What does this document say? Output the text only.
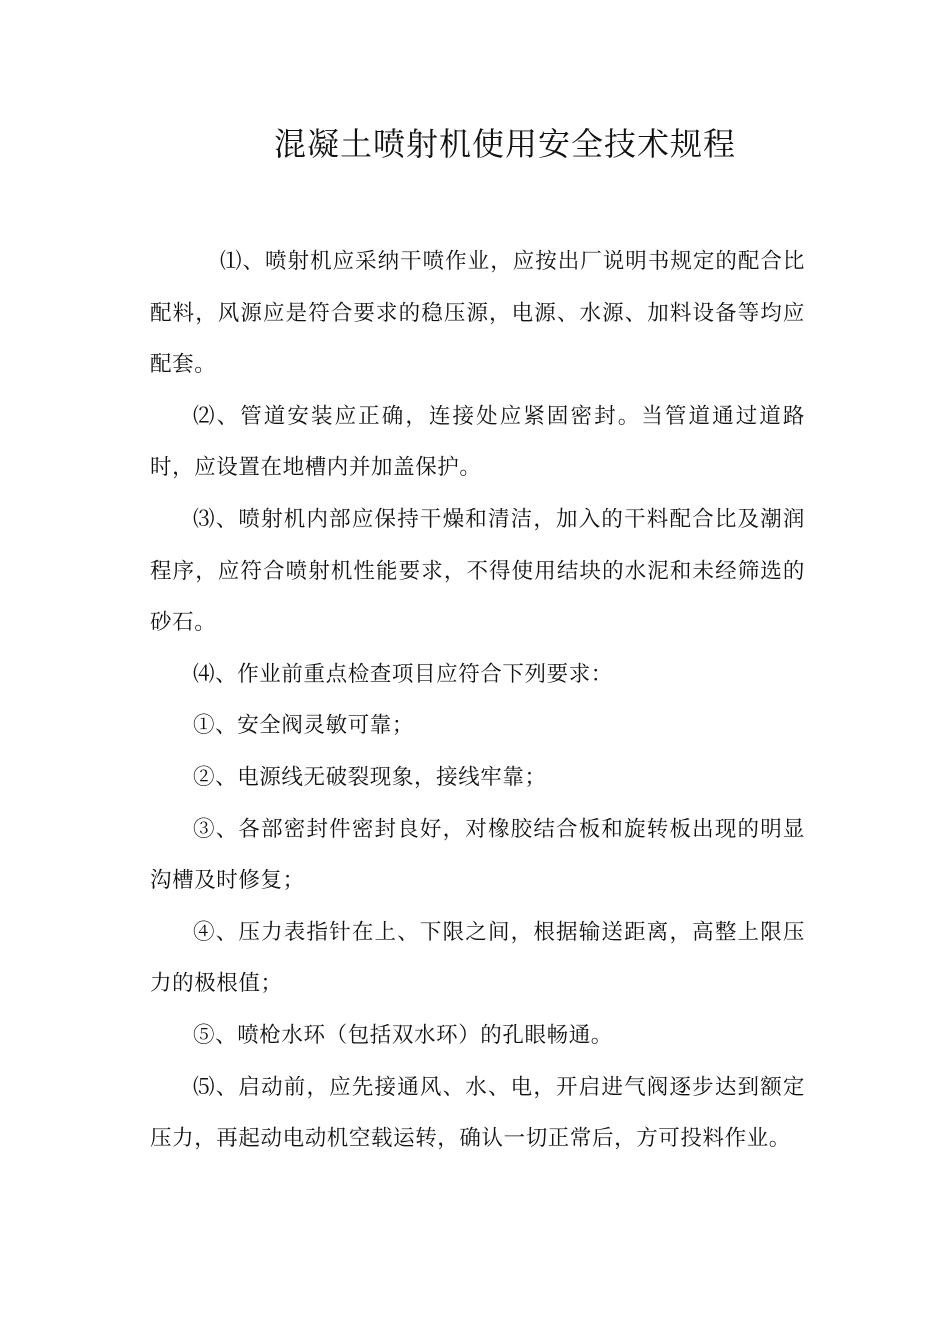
混凝土喷射机使用安全技术规程

⑴、喷射机应采纳干喷作业，应按出厂说明书规定的配合比配料，风源应是符合要求的稳压源，电源、水源、加料设备等均应配套。

⑵、管道安装应正确，连接处应紧固密封。当管道通过道路时，应设置在地槽内并加盖保护。

⑶、喷射机内部应保持干燥和清洁，加入的干料配合比及潮润程序，应符合喷射机性能要求，不得使用结块的水泥和未经筛选的砂石。

⑷、作业前重点检查项目应符合下列要求：

①、安全阀灵敏可靠；

②、电源线无破裂现象，接线牢靠；

③、各部密封件密封良好，对橡胶结合板和旋转板出现的明显沟槽及时修复；

④、压力表指针在上、下限之间，根据输送距离，高整上限压力的极根值；

⑤、喷枪水环（包括双水环）的孔眼畅通。

⑸、启动前，应先接通风、水、电，开启进气阀逐步达到额定压力，再起动电动机空载运转，确认一切正常后，方可投料作业。
